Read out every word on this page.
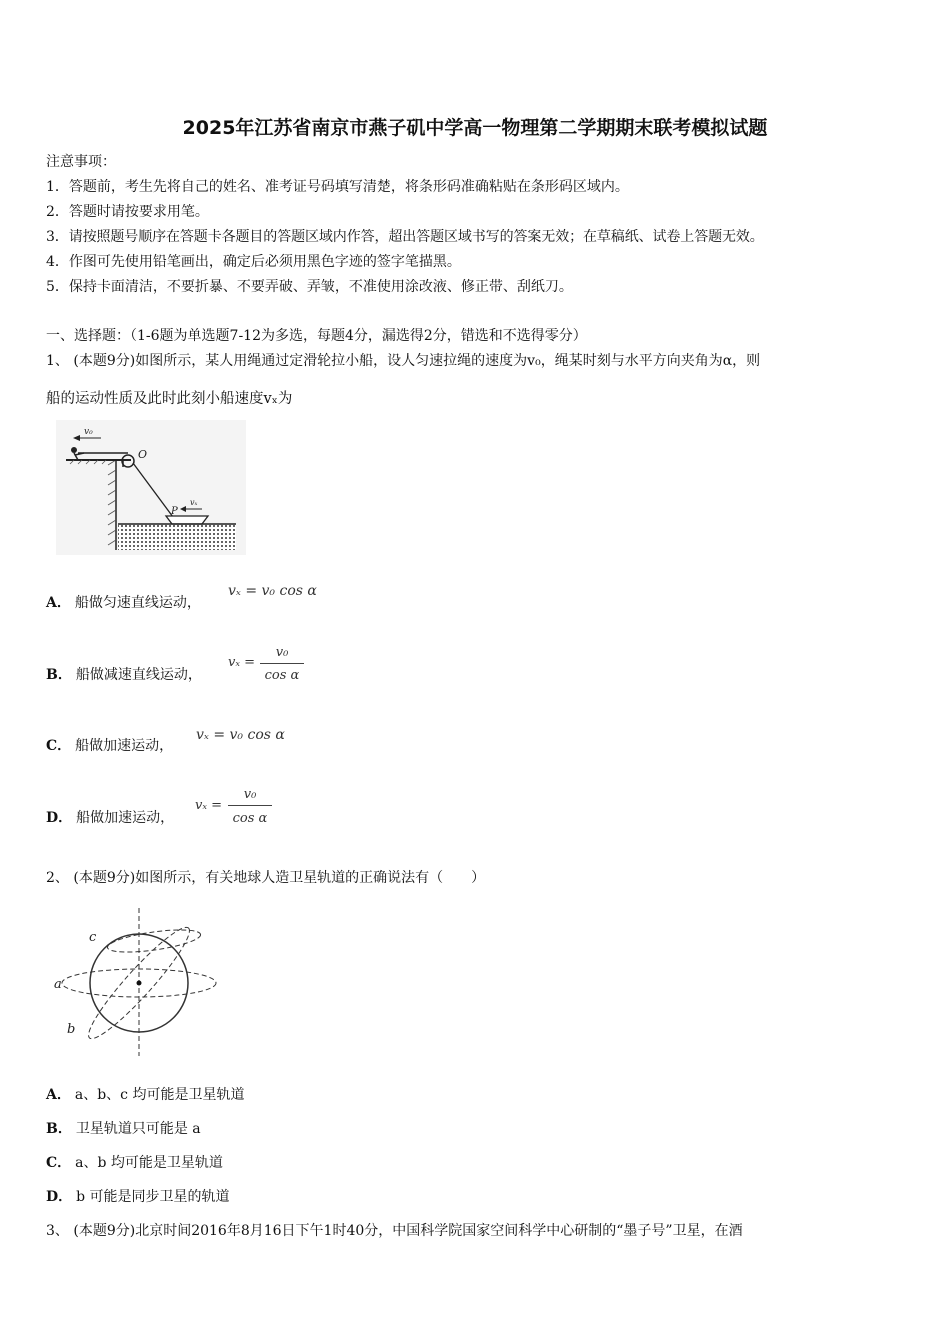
2025年江苏省南京市燕子矶中学高一物理第二学期期末联考模拟试题
注意事项：
1．答题前，考生先将自己的姓名、准考证号码填写清楚，将条形码准确粘贴在条形码区域内。
2．答题时请按要求用笔。
3．请按照题号顺序在答题卡各题目的答题区域内作答，超出答题区域书写的答案无效；在草稿纸、试卷上答题无效。
4．作图可先使用铅笔画出，确定后必须用黑色字迹的签字笔描黑。
5．保持卡面清洁，不要折暴、不要弄破、弄皱，不准使用涂改液、修正带、刮纸刀。
一、选择题：（1-6题为单选题7-12为多选，每题4分，漏选得2分，错选和不选得零分）
1、 (本题9分)如图所示，某人用绳通过定滑轮拉小船，设人匀速拉绳的速度为v₀，绳某时刻与水平方向夹角为α，则
船的运动性质及此时此刻小船速度vₓ为
v₀
O
P
vₓ
A． 船做匀速直线运动，
vₓ = v₀ cos α
B． 船做减速直线运动，
vₓ =
v₀
cos α
C． 船做加速运动，
vₓ = v₀ cos α
D． 船做加速运动，
vₓ =
v₀
cos α
2、 (本题9分)如图所示，有关地球人造卫星轨道的正确说法有（　　）
a
b
c
A． a、b、c 均可能是卫星轨道
B． 卫星轨道只可能是 a
C． a、b 均可能是卫星轨道
D． b 可能是同步卫星的轨道
3、 (本题9分)北京时间2016年8月16日下午1时40分，中国科学院国家空间科学中心研制的“墨子号”卫星，在酒
